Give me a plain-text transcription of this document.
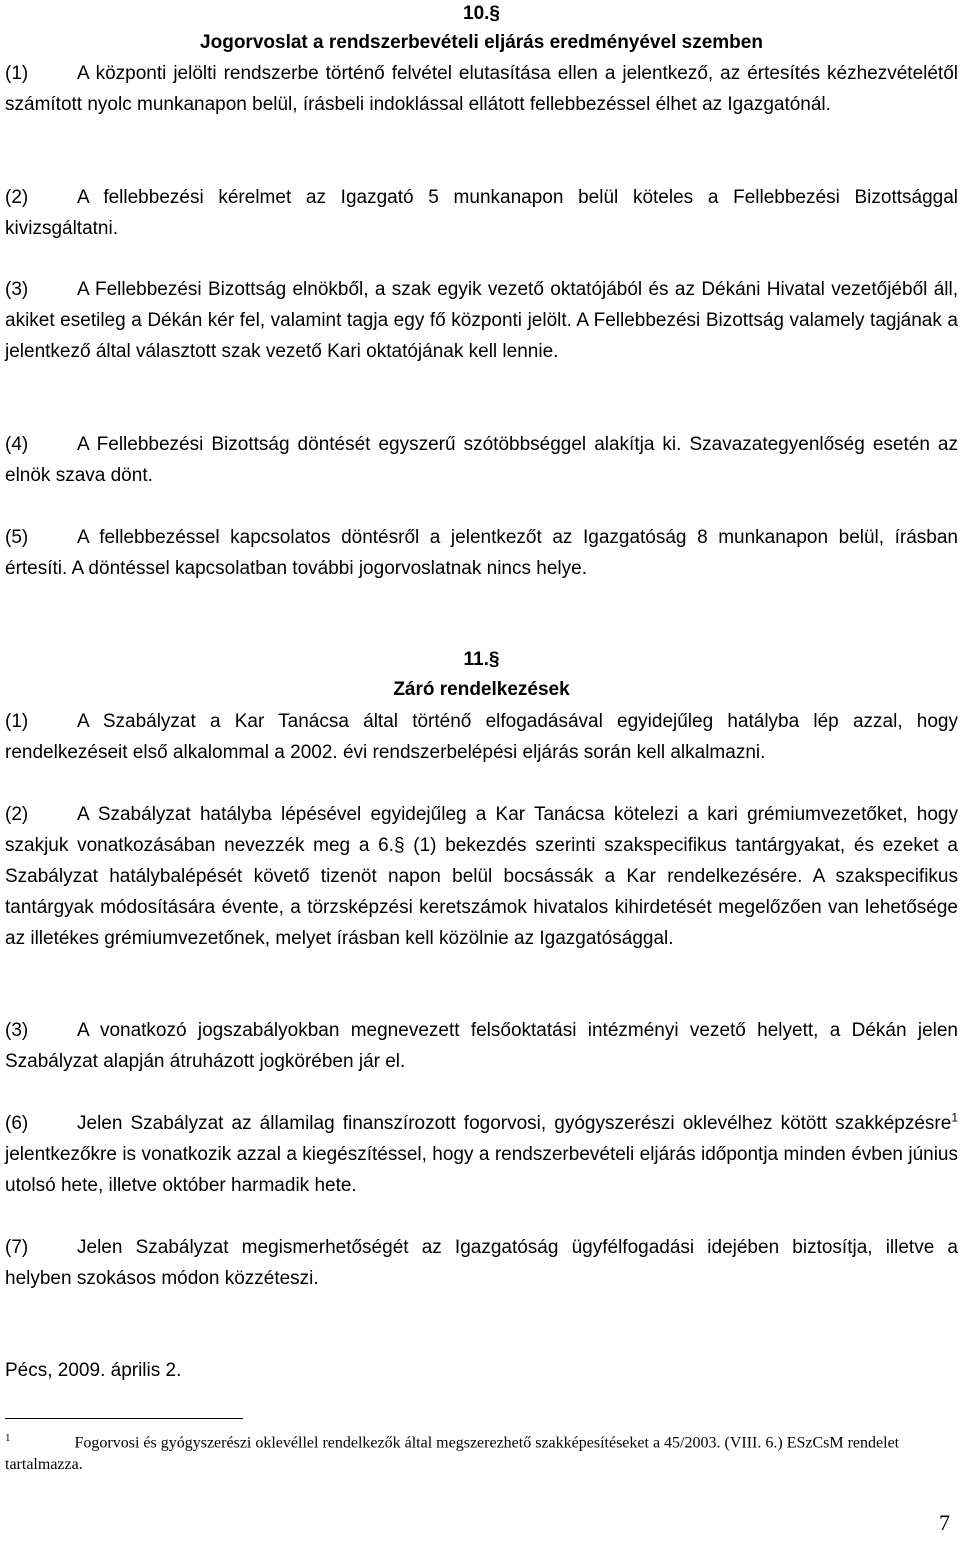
10.§
Jogorvoslat a rendszerbevételi eljárás eredményével szemben

(1)	A központi jelölti rendszerbe történő felvétel elutasítása ellen a jelentkező, az értesítés kézhezvételétől számított nyolc munkanapon belül, írásbeli indoklással ellátott fellebbezéssel élhet az Igazgatónál.

(2)	A fellebbezési kérelmet az Igazgató 5 munkanapon belül köteles a Fellebbezési Bizottsággal kivizsgáltatni.

(3)	A Fellebbezési Bizottság elnökből, a szak egyik vezető oktatójából és az Dékáni Hivatal vezetőjéből áll, akiket esetileg a Dékán kér fel, valamint tagja egy fő központi jelölt. A Fellebbezési Bizottság valamely tagjának a jelentkező által választott szak vezető Kari oktatójának kell lennie.

(4)	A Fellebbezési Bizottság döntését egyszerű szótöbbséggel alakítja ki. Szavazategyenlőség esetén az elnök szava dönt.

(5)	A fellebbezéssel kapcsolatos döntésről a jelentkezőt az Igazgatóság 8 munkanapon belül, írásban értesíti. A döntéssel kapcsolatban további jogorvoslatnak nincs helye.

11.§
Záró rendelkezések

(1)	A Szabályzat a Kar Tanácsa által történő elfogadásával egyidejűleg hatályba lép azzal, hogy rendelkezéseit első alkalommal a 2002. évi rendszerbelépési eljárás során kell alkalmazni.

(2)	A Szabályzat hatályba lépésével egyidejűleg a Kar Tanácsa kötelezi a kari grémiumvezetőket, hogy szakjuk vonatkozásában nevezzék meg a 6.§ (1) bekezdés szerinti szakspecifikus tantárgyakat, és ezeket a Szabályzat hatálybalépését követő tizenöt napon belül bocsássák a Kar rendelkezésére. A szakspecifikus tantárgyak módosítására évente, a törzsképzési keretszámok hivatalos kihirdetését megelőzően van lehetősége az illetékes grémiumvezetőnek, melyet írásban kell közölnie az Igazgatósággal.

(3)	A vonatkozó jogszabályokban megnevezett felsőoktatási intézményi vezető helyett, a Dékán jelen Szabályzat alapján átruházott jogkörében jár el.

(6)	Jelen Szabályzat az államilag finanszírozott fogorvosi, gyógyszerészi oklevélhez kötött szakképzésre$^1$ jelentkezőkre is vonatkozik azzal a kiegészítéssel, hogy a rendszerbevételi eljárás időpontja minden évben június utolsó hete, illetve október harmadik hete.

(7)	Jelen Szabályzat megismerhetőségét az Igazgatóság ügyfélfogadási idejében biztosítja, illetve a helyben szokásos módon közzéteszi.

Pécs, 2009. április 2.

$^1$	Fogorvosi és gyógyszerészi oklevéllel rendelkezők által megszerezhető szakképesítéseket a 45/2003. (VIII. 6.) ESzCsM rendelet tartalmazza.
7
